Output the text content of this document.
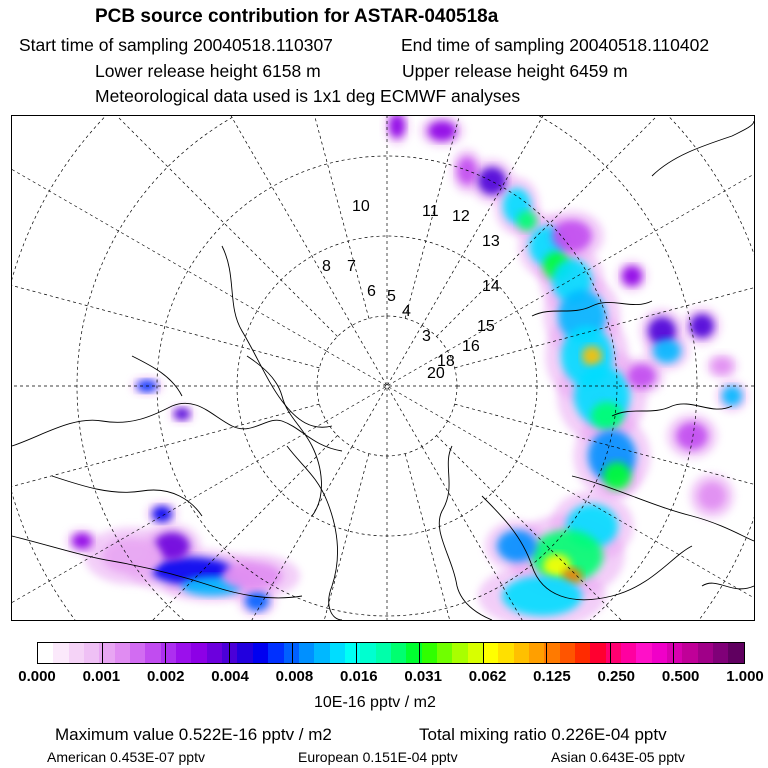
PCB source contribution for ASTAR-040518a
Start time of sampling 20040518.110307	End time of sampling 20040518.110402
Lower release height 6158 m	Upper release height 6459 m
Meteorological data used is 1x1 deg ECMWF analyses
10	11 12
13
14
15
16
18
20
8 7
6 5
4
3
0.000 0.001 0.002 0.004 0.008 0.016 0.031 0.062 0.125 0.250 0.500 1.000
10E-16 pptv / m2
Maximum value 0.522E-16 pptv / m2	Total mixing ratio 0.226E-04 pptv
American 0.453E-07 pptv	European 0.151E-04 pptv	Asian 0.643E-05 pptv
